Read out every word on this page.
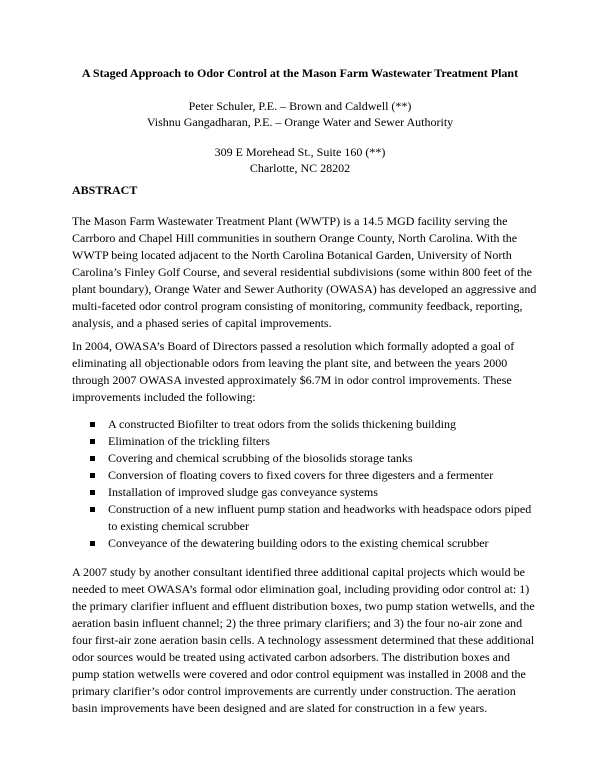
A Staged Approach to Odor Control at the Mason Farm Wastewater Treatment Plant
Peter Schuler, P.E. – Brown and Caldwell (**)
Vishnu Gangadharan, P.E. – Orange Water and Sewer Authority
309 E Morehead St., Suite 160 (**)
Charlotte, NC 28202
ABSTRACT
The Mason Farm Wastewater Treatment Plant (WWTP) is a 14.5 MGD facility serving the
Carrboro and Chapel Hill communities in southern Orange County, North Carolina. With the
WWTP being located adjacent to the North Carolina Botanical Garden, University of North
Carolina’s Finley Golf Course, and several residential subdivisions (some within 800 feet of the
plant boundary), Orange Water and Sewer Authority (OWASA) has developed an aggressive and
multi-faceted odor control program consisting of monitoring, community feedback, reporting,
analysis, and a phased series of capital improvements.
In 2004, OWASA’s Board of Directors passed a resolution which formally adopted a goal of
eliminating all objectionable odors from leaving the plant site, and between the years 2000
through 2007 OWASA invested approximately $6.7M in odor control improvements. These
improvements included the following:
A constructed Biofilter to treat odors from the solids thickening building
Elimination of the trickling filters
Covering and chemical scrubbing of the biosolids storage tanks
Conversion of floating covers to fixed covers for three digesters and a fermenter
Installation of improved sludge gas conveyance systems
Construction of a new influent pump station and headworks with headspace odors piped
to existing chemical scrubber
Conveyance of the dewatering building odors to the existing chemical scrubber
A 2007 study by another consultant identified three additional capital projects which would be
needed to meet OWASA’s formal odor elimination goal, including providing odor control at: 1)
the primary clarifier influent and effluent distribution boxes, two pump station wetwells, and the
aeration basin influent channel; 2) the three primary clarifiers; and 3) the four no-air zone and
four first-air zone aeration basin cells. A technology assessment determined that these additional
odor sources would be treated using activated carbon adsorbers. The distribution boxes and
pump station wetwells were covered and odor control equipment was installed in 2008 and the
primary clarifier’s odor control improvements are currently under construction. The aeration
basin improvements have been designed and are slated for construction in a few years.
